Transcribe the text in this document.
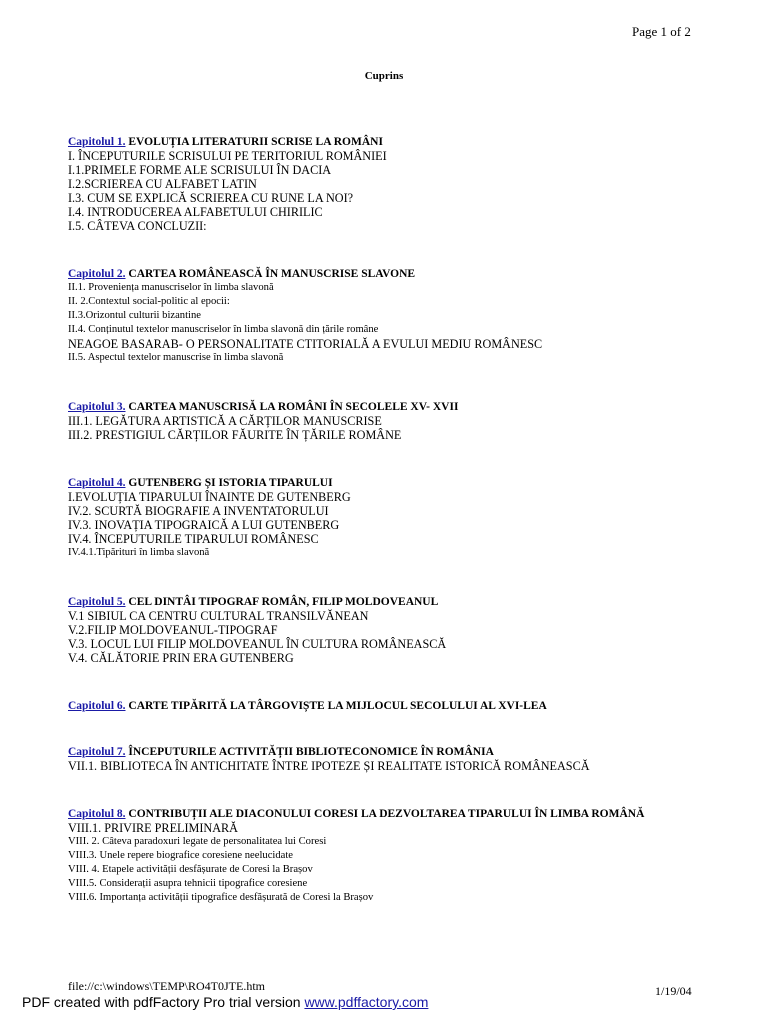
Page 1 of 2
Cuprins
Capitolul 1. EVOLUȚIA LITERATURII SCRISE LA ROMÂNI
I. ÎNCEPUTURILE SCRISULUI PE TERITORIUL ROMÂNIEI
I.1.PRIMELE FORME ALE SCRISULUI ÎN DACIA
I.2.SCRIEREA CU ALFABET LATIN
I.3. CUM SE EXPLICĂ SCRIEREA CU RUNE LA NOI?
I.4. INTRODUCEREA ALFABETULUI CHIRILIC
I.5. CÂTEVA CONCLUZII:
Capitolul 2. CARTEA ROMÂNEASCĂ ÎN MANUSCRISE SLAVONE
II.1. Proveniența manuscriselor în limba slavonă
II. 2.Contextul social-politic al epocii:
II.3.Orizontul culturii bizantine
II.4. Conținutul textelor manuscriselor în limba slavonă din țările române
NEAGOE BASARAB- O PERSONALITATE CTITORIALĂ A EVULUI MEDIU ROMÂNESC
II.5. Aspectul textelor manuscrise în limba slavonă
Capitolul 3. CARTEA MANUSCRISĂ LA ROMÂNI ÎN SECOLELE XV- XVII
III.1. LEGĂTURA ARTISTICĂ A CĂRȚILOR MANUSCRISE
III.2. PRESTIGIUL CĂRȚILOR FĂURITE ÎN ȚĂRILE ROMÂNE
Capitolul 4. GUTENBERG ȘI ISTORIA TIPARULUI
I.EVOLUȚIA TIPARULUI ÎNAINTE DE GUTENBERG
IV.2. SCURTĂ BIOGRAFIE A INVENTATORULUI
IV.3. INOVAȚIA TIPOGRAICĂ A LUI GUTENBERG
IV.4. ÎNCEPUTURILE TIPARULUI ROMÂNESC
IV.4.1.Tipărituri în limba slavonă
Capitolul 5. CEL DINTÂI TIPOGRAF ROMÂN, FILIP MOLDOVEANUL
V.1 SIBIUL CA CENTRU CULTURAL TRANSILVĂNEAN
V.2.FILIP MOLDOVEANUL-TIPOGRAF
V.3. LOCUL LUI FILIP MOLDOVEANUL ÎN CULTURA ROMÂNEASCĂ
V.4. CĂLĂTORIE PRIN ERA GUTENBERG
Capitolul 6. CARTE TIPĂRITĂ LA TÂRGOVIȘTE LA MIJLOCUL SECOLULUI AL XVI-LEA
Capitolul 7. ÎNCEPUTURILE ACTIVITĂȚII BIBLIOTECONOMICE ÎN ROMÂNIA
VII.1. BIBLIOTECA ÎN ANTICHITATE ÎNTRE IPOTEZE ȘI REALITATE ISTORICĂ ROMÂNEASCĂ
Capitolul 8. CONTRIBUȚII ALE DIACONULUI CORESI LA DEZVOLTAREA TIPARULUI ÎN LIMBA ROMÂNĂ
VIII.1. PRIVIRE PRELIMINARĂ
VIII. 2. Câteva paradoxuri legate de personalitatea lui Coresi
VIII.3. Unele repere biografice coresiene neelucidate
VIII. 4. Etapele activității desfășurate de Coresi la Brașov
VIII.5. Considerații asupra tehnicii tipografice coresiene
VIII.6. Importanța activității tipografice desfășurată de Coresi la Brașov
file://c:\windows\TEMP\RO4T0JTE.htm	1/19/04
PDF created with pdfFactory Pro trial version www.pdffactory.com
